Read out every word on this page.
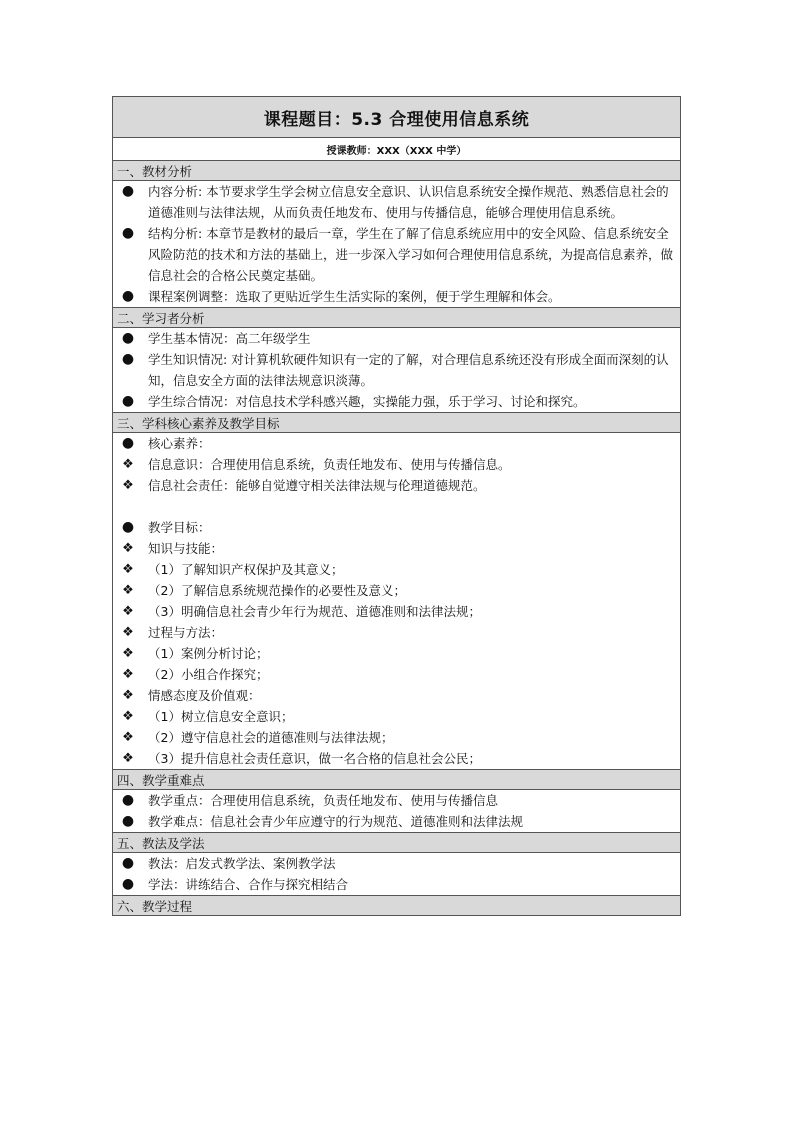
课程题目：5.3 合理使用信息系统
授课教师：XXX（XXX 中学）
一、教材分析

● 内容分析: 本节要求学生学会树立信息安全意识、认识信息系统安全操作规范、熟悉信息社会的道德准则与法律法规，从而负责任地发布、使用与传播信息，能够合理使用信息系统。
● 结构分析: 本章节是教材的最后一章，学生在了解了信息系统应用中的安全风险、信息系统安全风险防范的技术和方法的基础上，进一步深入学习如何合理使用信息系统，为提高信息素养，做信息社会的合格公民奠定基础。
● 课程案例调整：选取了更贴近学生生活实际的案例，便于学生理解和体会。

二、学习者分析

● 学生基本情况：高二年级学生
● 学生知识情况: 对计算机软硬件知识有一定的了解，对合理信息系统还没有形成全面而深刻的认知，信息安全方面的法律法规意识淡薄。
● 学生综合情况：对信息技术学科感兴趣，实操能力强，乐于学习、讨论和探究。

三、学科核心素养及教学目标

● 核心素养：
❖ 信息意识：合理使用信息系统，负责任地发布、使用与传播信息。
❖ 信息社会责任：能够自觉遵守相关法律法规与伦理道德规范。
● 教学目标：
❖ 知识与技能：
❖ （1）了解知识产权保护及其意义；
❖ （2）了解信息系统规范操作的必要性及意义；
❖ （3）明确信息社会青少年行为规范、道德准则和法律法规；
❖ 过程与方法：
❖ （1）案例分析讨论；
❖ （2）小组合作探究；
❖ 情感态度及价值观：
❖ （1）树立信息安全意识；
❖ （2）遵守信息社会的道德准则与法律法规；
❖ （3）提升信息社会责任意识，做一名合格的信息社会公民；

四、教学重难点

● 教学重点：合理使用信息系统，负责任地发布、使用与传播信息
● 教学难点：信息社会青少年应遵守的行为规范、道德准则和法律法规

五、教法及学法

● 教法：启发式教学法、案例教学法
● 学法：讲练结合、合作与探究相结合

六、教学过程
